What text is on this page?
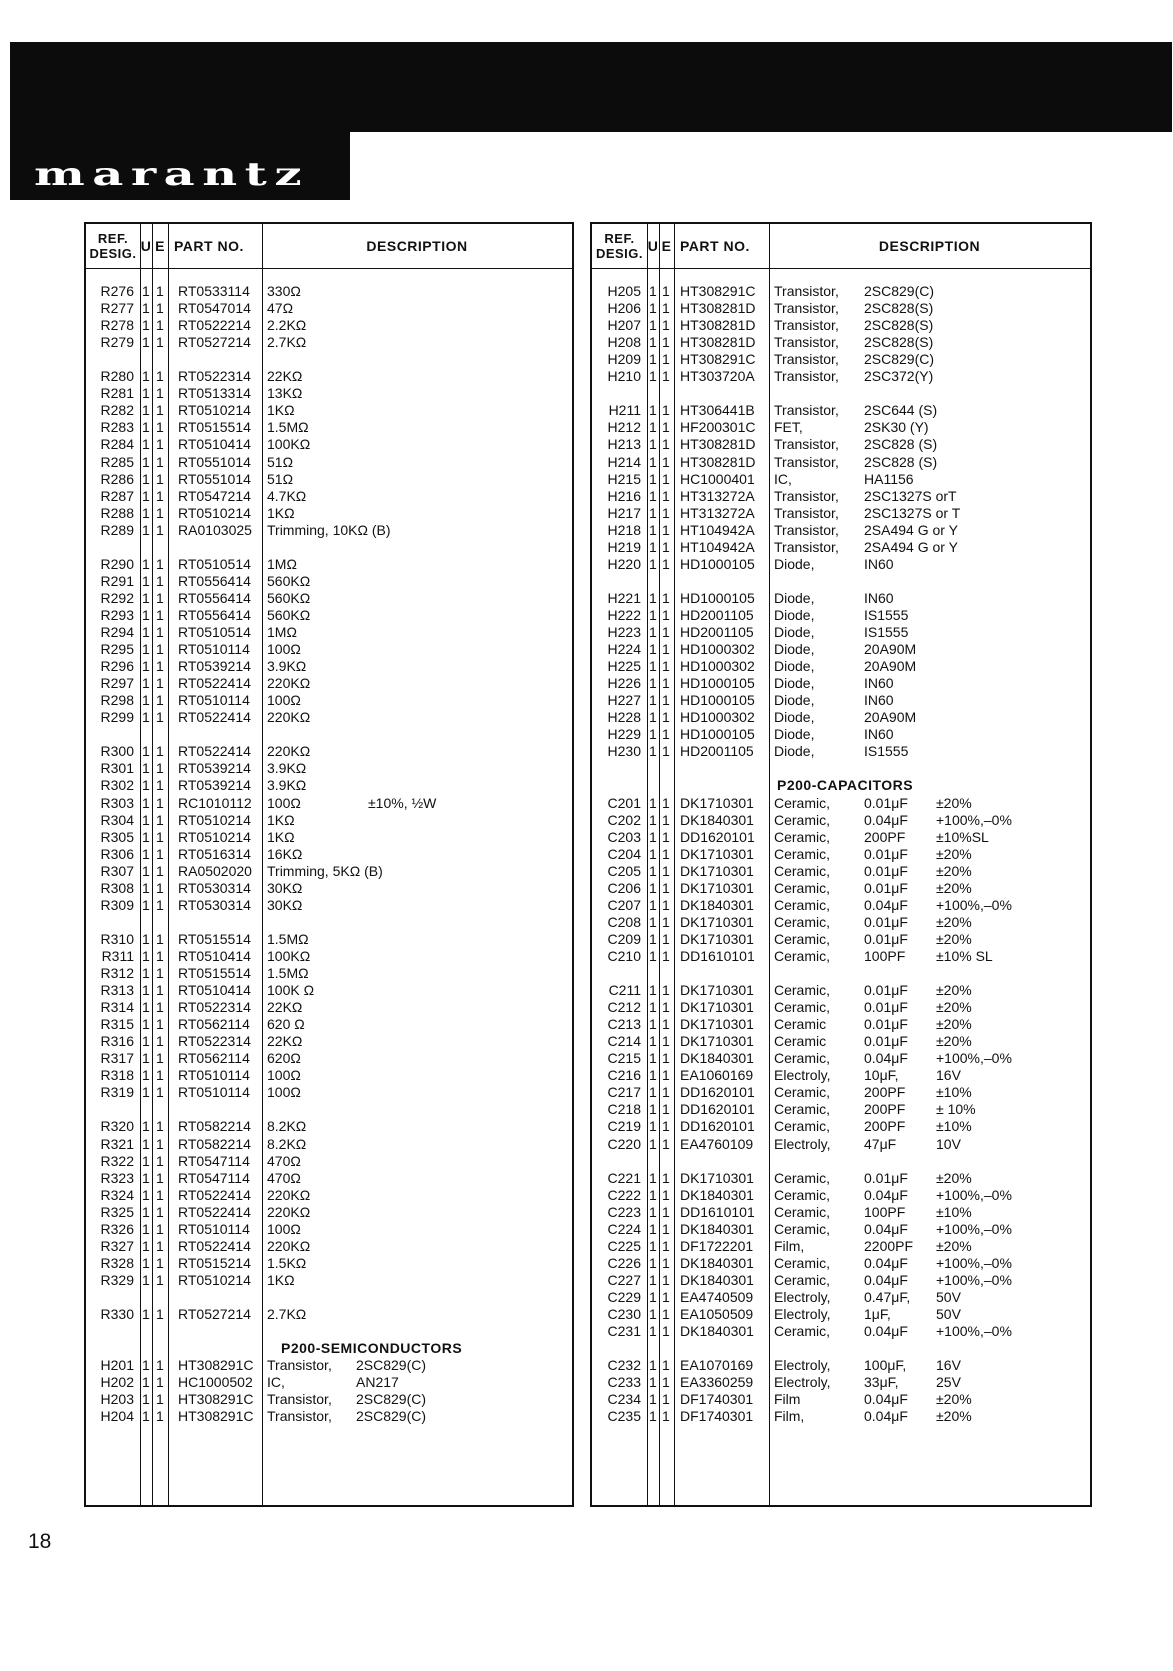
marantz
REF.
DESIG. U E PART NO.	DESCRIPTION
R276 1 1 RT0533114 330Ω
R277 1 1 RT0547014 47Ω
R278 1 1 RT0522214 2.2KΩ
R279 1 1 RT0527214 2.7KΩ
R280 1 1 RT0522314 22KΩ
R281 1 1 RT0513314 13KΩ
R282 1 1 RT0510214 1KΩ
R283 1 1 RT0515514 1.5MΩ
R284 1 1 RT0510414 100KΩ
R285 1 1 RT0551014 51Ω
R286 1 1 RT0551014 51Ω
R287 1 1 RT0547214 4.7KΩ
R288 1 1 RT0510214 1KΩ
R289 1 1 RA0103025 Trimming, 10KΩ (B)
R290 1 1 RT0510514 1MΩ
R291 1 1 RT0556414 560KΩ
R292 1 1 RT0556414 560KΩ
R293 1 1 RT0556414 560KΩ
R294 1 1 RT0510514 1MΩ
R295 1 1 RT0510114 100Ω
R296 1 1 RT0539214 3.9KΩ
R297 1 1 RT0522414 220KΩ
R298 1 1 RT0510114 100Ω
R299 1 1 RT0522414 220KΩ
R300 1 1 RT0522414 220KΩ
R301 1 1 RT0539214 3.9KΩ
R302 1 1 RT0539214 3.9KΩ
R303 1 1 RC1010112 100Ω	±10%, ½W
R304 1 1 RT0510214 1KΩ
R305 1 1 RT0510214 1KΩ
R306 1 1 RT0516314 16KΩ
R307 1 1 RA0502020 Trimming, 5KΩ (B)
R308 1 1 RT0530314 30KΩ
R309 1 1 RT0530314 30KΩ
R310 1 1 RT0515514 1.5MΩ
R311 1 1 RT0510414 100KΩ
R312 1 1 RT0515514 1.5MΩ
R313 1 1 RT0510414 100K Ω
R314 1 1 RT0522314 22KΩ
R315 1 1 RT0562114 620 Ω
R316 1 1 RT0522314 22KΩ
R317 1 1 RT0562114 620Ω
R318 1 1 RT0510114 100Ω
R319 1 1 RT0510114 100Ω
R320 1 1 RT0582214 8.2KΩ
R321 1 1 RT0582214 8.2KΩ
R322 1 1 RT0547114 470Ω
R323 1 1 RT0547114 470Ω
R324 1 1 RT0522414 220KΩ
R325 1 1 RT0522414 220KΩ
R326 1 1 RT0510114 100Ω
R327 1 1 RT0522414 220KΩ
R328 1 1 RT0515214 1.5KΩ
R329 1 1 RT0510214 1KΩ
R330 1 1 RT0527214 2.7KΩ
P200-SEMICONDUCTORS
H201 1 1 HT308291C Transistor, 2SC829(C)
H202 1 1 HC1000502 IC,	AN217
H203 1 1 HT308291C Transistor, 2SC829(C)
H204 1 1 HT308291C Transistor, 2SC829(C)
REF.
DESIG. U E PART NO.	DESCRIPTION
H205 1 1 HT308291C Transistor, 2SC829(C)
H206 1 1 HT308281D Transistor, 2SC828(S)
H207 1 1 HT308281D Transistor, 2SC828(S)
H208 1 1 HT308281D Transistor, 2SC828(S)
H209 1 1 HT308291C Transistor, 2SC829(C)
H210 1 1 HT303720A Transistor, 2SC372(Y)
H211 1 1 HT306441B Transistor, 2SC644 (S)
H212 1 1 HF200301C FET,	2SK30 (Y)
H213 1 1 HT308281D Transistor, 2SC828 (S)
H214 1 1 HT308281D Transistor, 2SC828 (S)
H215 1 1 HC1000401 IC,	HA1156
H216 1 1 HT313272A Transistor, 2SC1327S orT
H217 1 1 HT313272A Transistor, 2SC1327S or T
H218 1 1 HT104942A Transistor, 2SA494 G or Y
H219 1 1 HT104942A Transistor, 2SA494 G or Y
H220 1 1 HD1000105 Diode,	IN60
H221 1 1 HD1000105 Diode,	IN60
H222 1 1 HD2001105 Diode,	IS1555
H223 1 1 HD2001105 Diode,	IS1555
H224 1 1 HD1000302 Diode,	20A90M
H225 1 1 HD1000302 Diode,	20A90M
H226 1 1 HD1000105 Diode,	IN60
H227 1 1 HD1000105 Diode,	IN60
H228 1 1 HD1000302 Diode,	20A90M
H229 1 1 HD1000105 Diode,	IN60
H230 1 1 HD2001105 Diode,	IS1555
P200-CAPACITORS
C201 1 1 DK1710301 Ceramic, 0.01μF ±20%
C202 1 1 DK1840301 Ceramic, 0.04μF +100%,–0%
C203 1 1 DD1620101 Ceramic, 200PF ±10%SL
C204 1 1 DK1710301 Ceramic, 0.01μF ±20%
C205 1 1 DK1710301 Ceramic, 0.01μF ±20%
C206 1 1 DK1710301 Ceramic, 0.01μF ±20%
C207 1 1 DK1840301 Ceramic, 0.04μF +100%,–0%
C208 1 1 DK1710301 Ceramic, 0.01μF ±20%
C209 1 1 DK1710301 Ceramic, 0.01μF ±20%
C210 1 1 DD1610101 Ceramic, 100PF ±10% SL
C211 1 1 DK1710301 Ceramic, 0.01μF ±20%
C212 1 1 DK1710301 Ceramic, 0.01μF ±20%
C213 1 1 DK1710301 Ceramic	0.01μF ±20%
C214 1 1 DK1710301 Ceramic	0.01μF ±20%
C215 1 1 DK1840301 Ceramic, 0.04μF +100%,–0%
C216 1 1 EA1060169 Electroly, 10μF,	16V
C217 1 1 DD1620101 Ceramic, 200PF ±10%
C218 1 1 DD1620101 Ceramic, 200PF ± 10%
C219 1 1 DD1620101 Ceramic, 200PF ±10%
C220 1 1 EA4760109 Electroly, 47μF	10V
C221 1 1 DK1710301 Ceramic, 0.01μF ±20%
C222 1 1 DK1840301 Ceramic, 0.04μF +100%,–0%
C223 1 1 DD1610101 Ceramic, 100PF ±10%
C224 1 1 DK1840301 Ceramic, 0.04μF +100%,–0%
C225 1 1 DF1722201 Film,	2200PF ±20%
C226 1 1 DK1840301 Ceramic, 0.04μF +100%,–0%
C227 1 1 DK1840301 Ceramic, 0.04μF +100%,–0%
C229 1 1 EA4740509 Electroly, 0.47μF, 50V
C230 1 1 EA1050509 Electroly, 1μF,	50V
C231 1 1 DK1840301 Ceramic, 0.04μF +100%,–0%
C232 1 1 EA1070169 Electroly, 100μF, 16V
C233 1 1 EA3360259 Electroly, 33μF,	25V
C234 1 1 DF1740301 Film	0.04μF ±20%
C235 1 1 DF1740301 Film,	0.04μF ±20%
18
